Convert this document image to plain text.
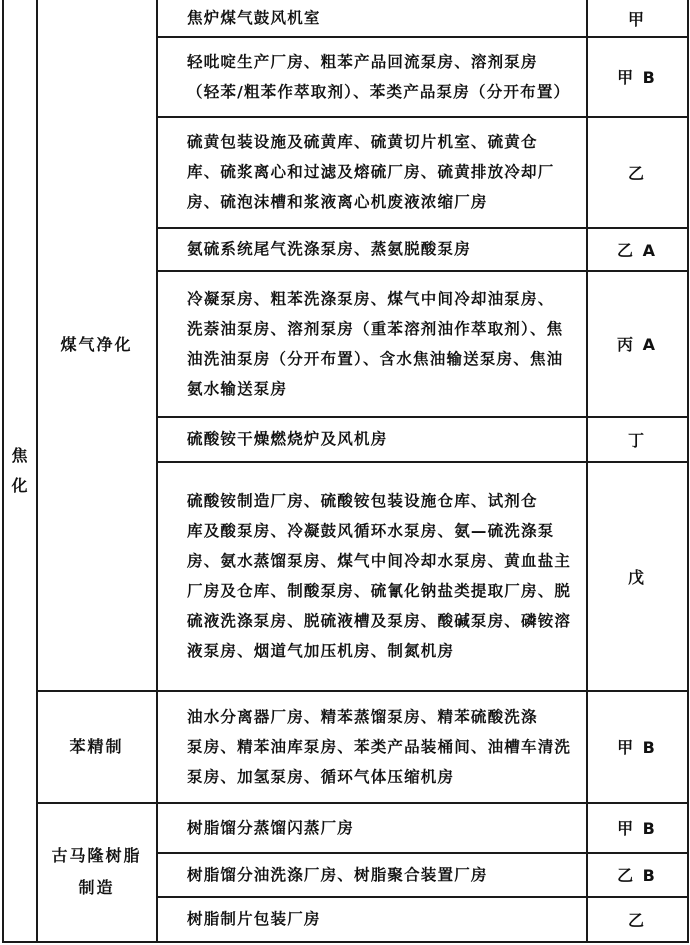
焦
化
煤气净化
苯精制
古马隆树脂
制造
焦炉煤气鼓风机室
轻吡啶生产厂房、粗苯产品回流泵房、溶剂泵房
（轻苯/粗苯作萃取剂）、苯类产品泵房（分开布置）
硫黄包装设施及硫黄库、硫黄切片机室、硫黄仓
库、硫浆离心和过滤及熔硫厂房、硫黄排放冷却厂
房、硫泡沫槽和浆液离心机废液浓缩厂房
氨硫系统尾气洗涤泵房、蒸氨脱酸泵房
冷凝泵房、粗苯洗涤泵房、煤气中间冷却油泵房、
洗萘油泵房、溶剂泵房（重苯溶剂油作萃取剂）、焦
油洗油泵房（分开布置）、含水焦油输送泵房、焦油
氨水输送泵房
硫酸铵干燥燃烧炉及风机房
硫酸铵制造厂房、硫酸铵包装设施仓库、试剂仓
库及酸泵房、冷凝鼓风循环水泵房、氨—硫洗涤泵
房、氨水蒸馏泵房、煤气中间冷却水泵房、黄血盐主
厂房及仓库、制酸泵房、硫氰化钠盐类提取厂房、脱
硫液洗涤泵房、脱硫液槽及泵房、酸碱泵房、磷铵溶
液泵房、烟道气加压机房、制氮机房
油水分离器厂房、精苯蒸馏泵房、精苯硫酸洗涤
泵房、精苯油库泵房、苯类产品装桶间、油槽车清洗
泵房、加氢泵房、循环气体压缩机房
树脂馏分蒸馏闪蒸厂房
树脂馏分油洗涤厂房、树脂聚合装置厂房
树脂制片包装厂房
甲
甲 B
乙
乙 A
丙 A
丁
戊
甲 B
甲 B
乙 B
乙
